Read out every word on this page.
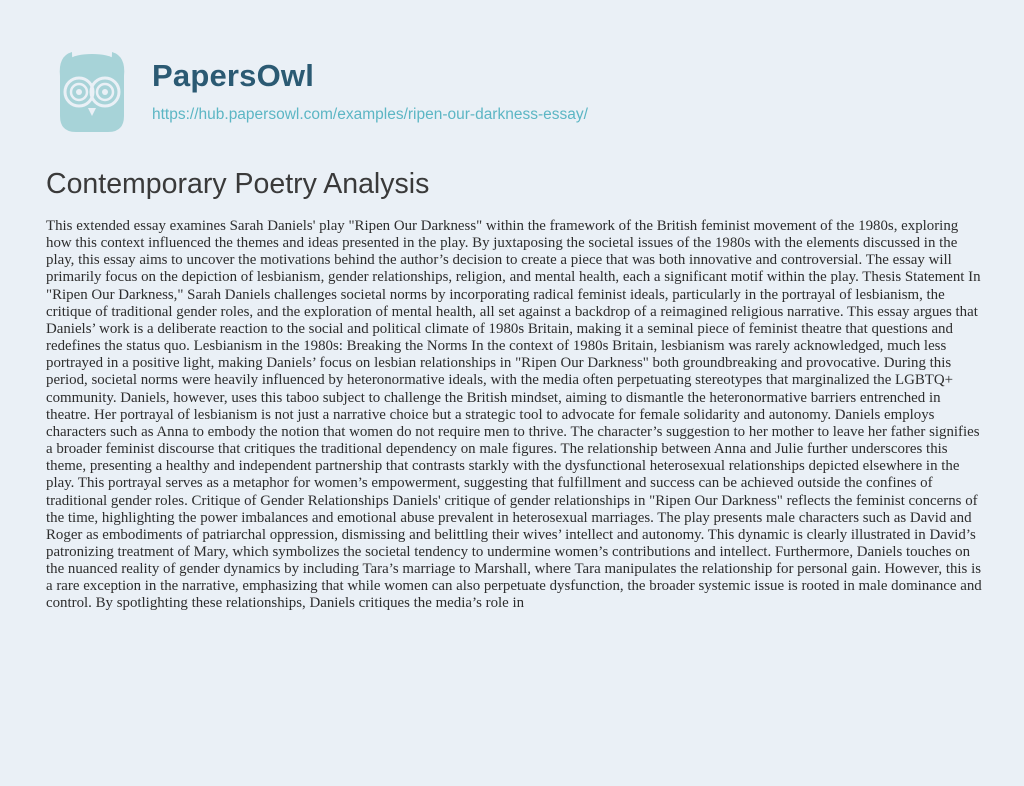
PapersOwl
https://hub.papersowl.com/examples/ripen-our-darkness-essay/
Contemporary Poetry Analysis

This extended essay examines Sarah Daniels' play "Ripen Our Darkness" within the framework of the British feminist movement of the 1980s, exploring how this context influenced the themes and ideas presented in the play. By juxtaposing the societal issues of the 1980s with the elements discussed in the play, this essay aims to uncover the motivations behind the author’s decision to create a piece that was both innovative and controversial. The essay will primarily focus on the depiction of lesbianism, gender relationships, religion, and mental health, each a significant motif within the play. Thesis Statement In "Ripen Our Darkness," Sarah Daniels challenges societal norms by incorporating radical feminist ideals, particularly in the portrayal of lesbianism, the critique of traditional gender roles, and the exploration of mental health, all set against a backdrop of a reimagined religious narrative. This essay argues that Daniels’ work is a deliberate reaction to the social and political climate of 1980s Britain, making it a seminal piece of feminist theatre that questions and redefines the status quo. Lesbianism in the 1980s: Breaking the Norms In the context of 1980s Britain, lesbianism was rarely acknowledged, much less portrayed in a positive light, making Daniels’ focus on lesbian relationships in "Ripen Our Darkness" both groundbreaking and provocative. During this period, societal norms were heavily influenced by heteronormative ideals, with the media often perpetuating stereotypes that marginalized the LGBTQ+ community. Daniels, however, uses this taboo subject to challenge the British mindset, aiming to dismantle the heteronormative barriers entrenched in theatre. Her portrayal of lesbianism is not just a narrative choice but a strategic tool to advocate for female solidarity and autonomy. Daniels employs characters such as Anna to embody the notion that women do not require men to thrive. The character’s suggestion to her mother to leave her father signifies a broader feminist discourse that critiques the traditional dependency on male figures. The relationship between Anna and Julie further underscores this theme, presenting a healthy and independent partnership that contrasts starkly with the dysfunctional heterosexual relationships depicted elsewhere in the play. This portrayal serves as a metaphor for women’s empowerment, suggesting that fulfillment and success can be achieved outside the confines of traditional gender roles. Critique of Gender Relationships Daniels' critique of gender relationships in "Ripen Our Darkness" reflects the feminist concerns of the time, highlighting the power imbalances and emotional abuse prevalent in heterosexual marriages. The play presents male characters such as David and Roger as embodiments of patriarchal oppression, dismissing and belittling their wives’ intellect and autonomy. This dynamic is clearly illustrated in David’s patronizing treatment of Mary, which symbolizes the societal tendency to undermine women’s contributions and intellect. Furthermore, Daniels touches on the nuanced reality of gender dynamics by including Tara’s marriage to Marshall, where Tara manipulates the relationship for personal gain. However, this is a rare exception in the narrative, emphasizing that while women can also perpetuate dysfunction, the broader systemic issue is rooted in male dominance and control. By spotlighting these relationships, Daniels critiques the media’s role in
